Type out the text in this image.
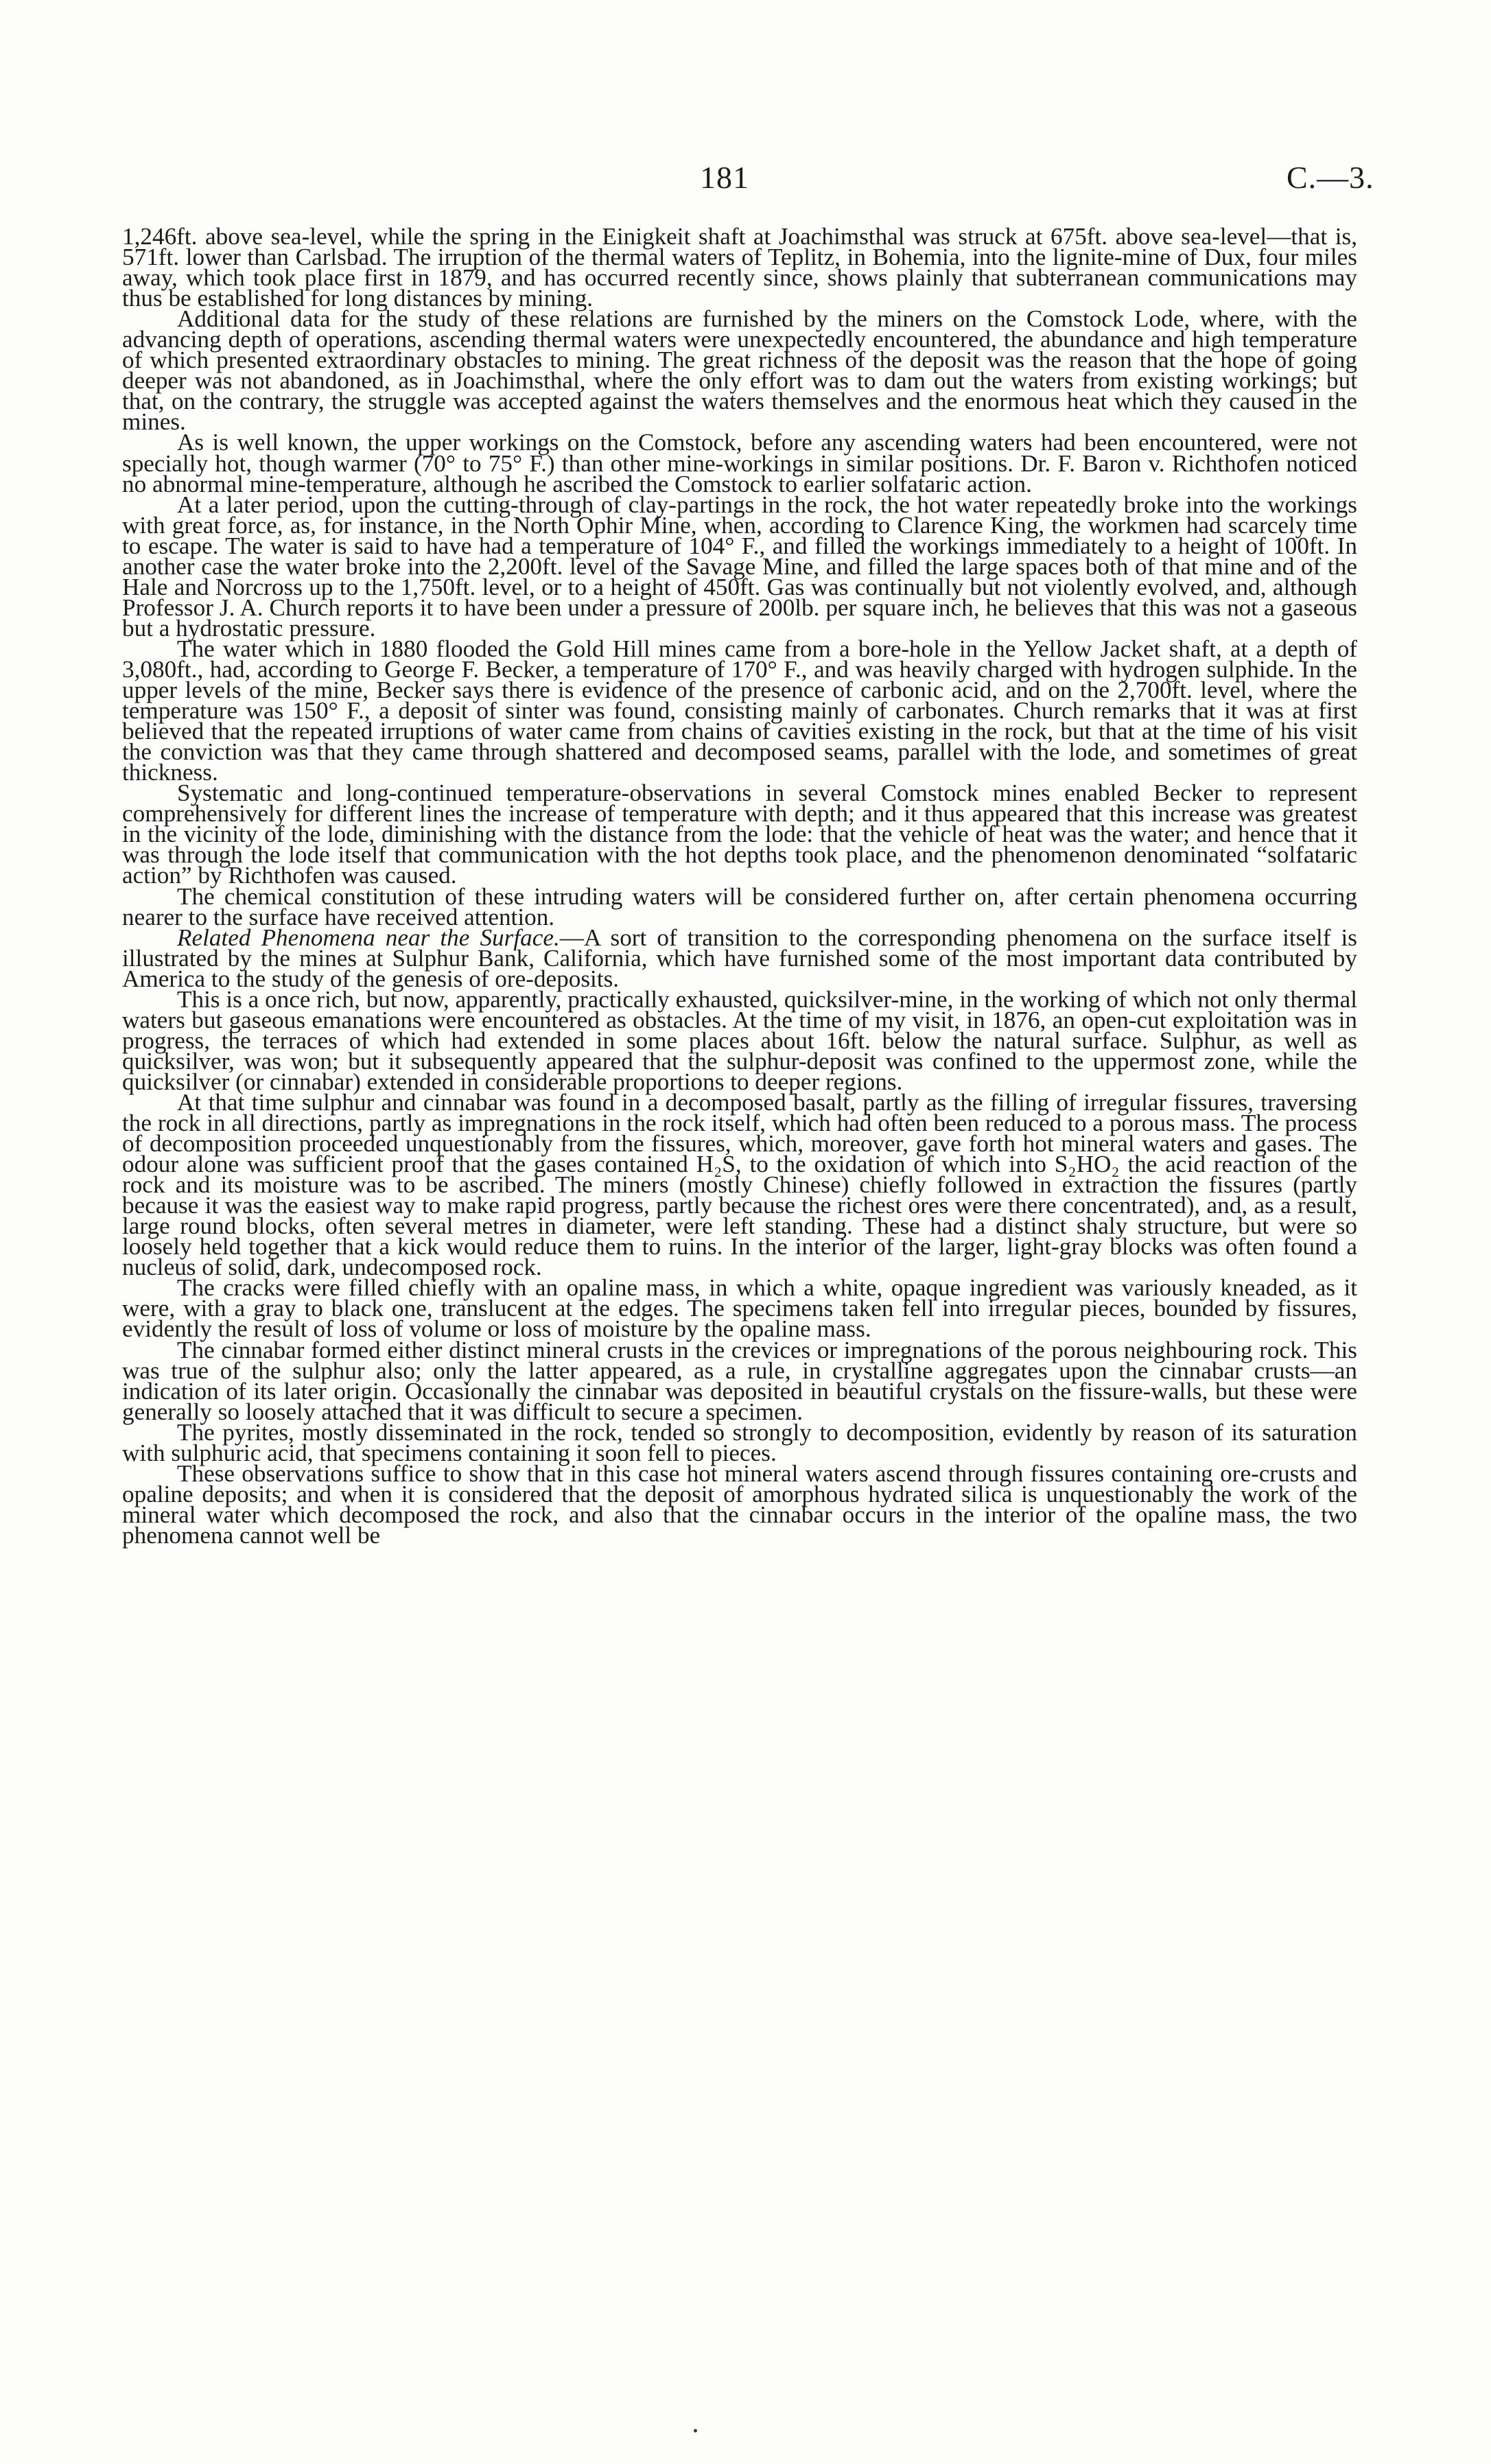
181	C.—3.

1,246ft. above sea-level, while the spring in the Einigkeit shaft at Joachimsthal was struck at 675ft. above sea-level—that is, 571ft. lower than Carlsbad. The irruption of the thermal waters of Teplitz, in Bohemia, into the lignite-mine of Dux, four miles away, which took place first in 1879, and has occurred recently since, shows plainly that subterranean communications may thus be established for long distances by mining.

Additional data for the study of these relations are furnished by the miners on the Comstock Lode, where, with the advancing depth of operations, ascending thermal waters were unexpectedly encountered, the abundance and high temperature of which presented extraordinary obstacles to mining. The great richness of the deposit was the reason that the hope of going deeper was not abandoned, as in Joachimsthal, where the only effort was to dam out the waters from existing workings; but that, on the contrary, the struggle was accepted against the waters themselves and the enormous heat which they caused in the mines.

As is well known, the upper workings on the Comstock, before any ascending waters had been encountered, were not specially hot, though warmer (70° to 75° F.) than other mine-workings in similar positions. Dr. F. Baron v. Richthofen noticed no abnormal mine-temperature, although he ascribed the Comstock to earlier solfataric action.

At a later period, upon the cutting-through of clay-partings in the rock, the hot water repeatedly broke into the workings with great force, as, for instance, in the North Ophir Mine, when, according to Clarence King, the workmen had scarcely time to escape. The water is said to have had a temperature of 104° F., and filled the workings immediately to a height of 100ft. In another case the water broke into the 2,200ft. level of the Savage Mine, and filled the large spaces both of that mine and of the Hale and Norcross up to the 1,750ft. level, or to a height of 450ft. Gas was continually but not violently evolved, and, although Professor J. A. Church reports it to have been under a pressure of 200lb. per square inch, he believes that this was not a gaseous but a hydrostatic pressure.

The water which in 1880 flooded the Gold Hill mines came from a bore-hole in the Yellow Jacket shaft, at a depth of 3,080ft., had, according to George F. Becker, a temperature of 170° F., and was heavily charged with hydrogen sulphide. In the upper levels of the mine, Becker says there is evidence of the presence of carbonic acid, and on the 2,700ft. level, where the temperature was 150° F., a deposit of sinter was found, consisting mainly of carbonates. Church remarks that it was at first believed that the repeated irruptions of water came from chains of cavities existing in the rock, but that at the time of his visit the conviction was that they came through shattered and decomposed seams, parallel with the lode, and sometimes of great thickness.

Systematic and long-continued temperature-observations in several Comstock mines enabled Becker to represent comprehensively for different lines the increase of temperature with depth; and it thus appeared that this increase was greatest in the vicinity of the lode, diminishing with the distance from the lode: that the vehicle of heat was the water; and hence that it was through the lode itself that communication with the hot depths took place, and the phenomenon denominated “solfataric action” by Richthofen was caused.

The chemical constitution of these intruding waters will be considered further on, after certain phenomena occurring nearer to the surface have received attention.

Related Phenomena near the Surface.—A sort of transition to the corresponding phenomena on the surface itself is illustrated by the mines at Sulphur Bank, California, which have furnished some of the most important data contributed by America to the study of the genesis of ore-deposits.

This is a once rich, but now, apparently, practically exhausted, quicksilver-mine, in the working of which not only thermal waters but gaseous emanations were encountered as obstacles. At the time of my visit, in 1876, an open-cut exploitation was in progress, the terraces of which had extended in some places about 16ft. below the natural surface. Sulphur, as well as quicksilver, was won; but it subsequently appeared that the sulphur-deposit was confined to the uppermost zone, while the quicksilver (or cinnabar) extended in considerable proportions to deeper regions.

At that time sulphur and cinnabar was found in a decomposed basalt, partly as the filling of irregular fissures, traversing the rock in all directions, partly as impregnations in the rock itself, which had often been reduced to a porous mass. The process of decomposition proceeded unquestionably from the fissures, which, moreover, gave forth hot mineral waters and gases. The odour alone was sufficient proof that the gases contained H₂S, to the oxidation of which into S₂HO₂ the acid reaction of the rock and its moisture was to be ascribed. The miners (mostly Chinese) chiefly followed in extraction the fissures (partly because it was the easiest way to make rapid progress, partly because the richest ores were there concentrated), and, as a result, large round blocks, often several metres in diameter, were left standing. These had a distinct shaly structure, but were so loosely held together that a kick would reduce them to ruins. In the interior of the larger, light-gray blocks was often found a nucleus of solid, dark, undecomposed rock.

The cracks were filled chiefly with an opaline mass, in which a white, opaque ingredient was variously kneaded, as it were, with a gray to black one, translucent at the edges. The specimens taken fell into irregular pieces, bounded by fissures, evidently the result of loss of volume or loss of moisture by the opaline mass.

The cinnabar formed either distinct mineral crusts in the crevices or impregnations of the porous neighbouring rock. This was true of the sulphur also; only the latter appeared, as a rule, in crystalline aggregates upon the cinnabar crusts—an indication of its later origin. Occasionally the cinnabar was deposited in beautiful crystals on the fissure-walls, but these were generally so loosely attached that it was difficult to secure a specimen.

The pyrites, mostly disseminated in the rock, tended so strongly to decomposition, evidently by reason of its saturation with sulphuric acid, that specimens containing it soon fell to pieces.

These observations suffice to show that in this case hot mineral waters ascend through fissures containing ore-crusts and opaline deposits; and when it is considered that the deposit of amorphous hydrated silica is unquestionably the work of the mineral water which decomposed the rock, and also that the cinnabar occurs in the interior of the opaline mass, the two phenomena cannot well be
